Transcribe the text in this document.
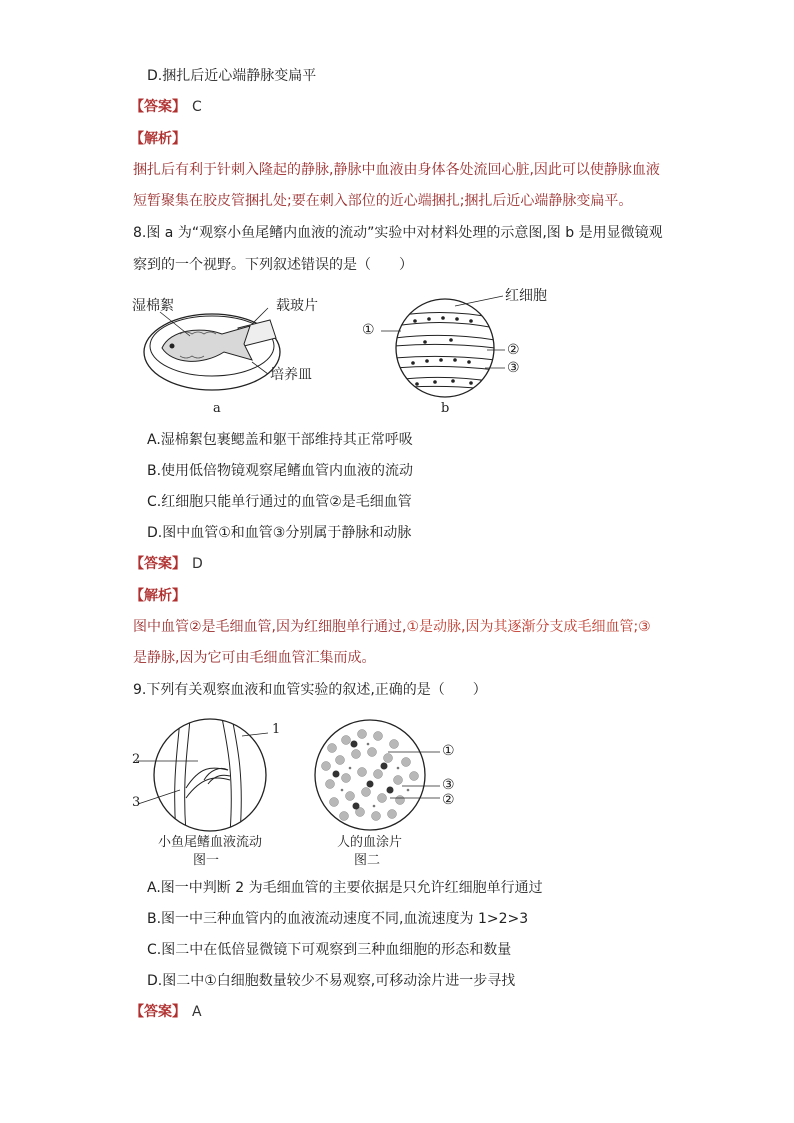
D.捆扎后近心端静脉变扁平
【答案】 C
【解析】
捆扎后有利于针刺入隆起的静脉,静脉中血液由身体各处流回心脏,因此可以使静脉血液
短暂聚集在胶皮管捆扎处;要在刺入部位的近心端捆扎;捆扎后近心端静脉变扁平。
8.图 a 为“观察小鱼尾鳍内血液的流动”实验中对材料处理的示意图,图 b 是用显微镜观
察到的一个视野。下列叙述错误的是（　　）
湿棉絮	载玻片
培养皿
a
红细胞
①
②
③
b
A.湿棉絮包裹鳃盖和躯干部维持其正常呼吸
B.使用低倍物镜观察尾鳍血管内血液的流动
C.红细胞只能单行通过的血管②是毛细血管
D.图中血管①和血管③分别属于静脉和动脉
【答案】 D
【解析】
图中血管②是毛细血管,因为红细胞单行通过,①是动脉,因为其逐渐分支成毛细血管;③
是静脉,因为它可由毛细血管汇集而成。
9.下列有关观察血液和血管实验的叙述,正确的是（　　）
1
2
3
小鱼尾鳍血液流动
图一
①
③
②
人的血涂片
图二
A.图一中判断 2 为毛细血管的主要依据是只允许红细胞单行通过
B.图一中三种血管内的血液流动速度不同,血流速度为 1>2>3
C.图二中在低倍显微镜下可观察到三种血细胞的形态和数量
D.图二中①白细胞数量较少不易观察,可移动涂片进一步寻找
【答案】 A
